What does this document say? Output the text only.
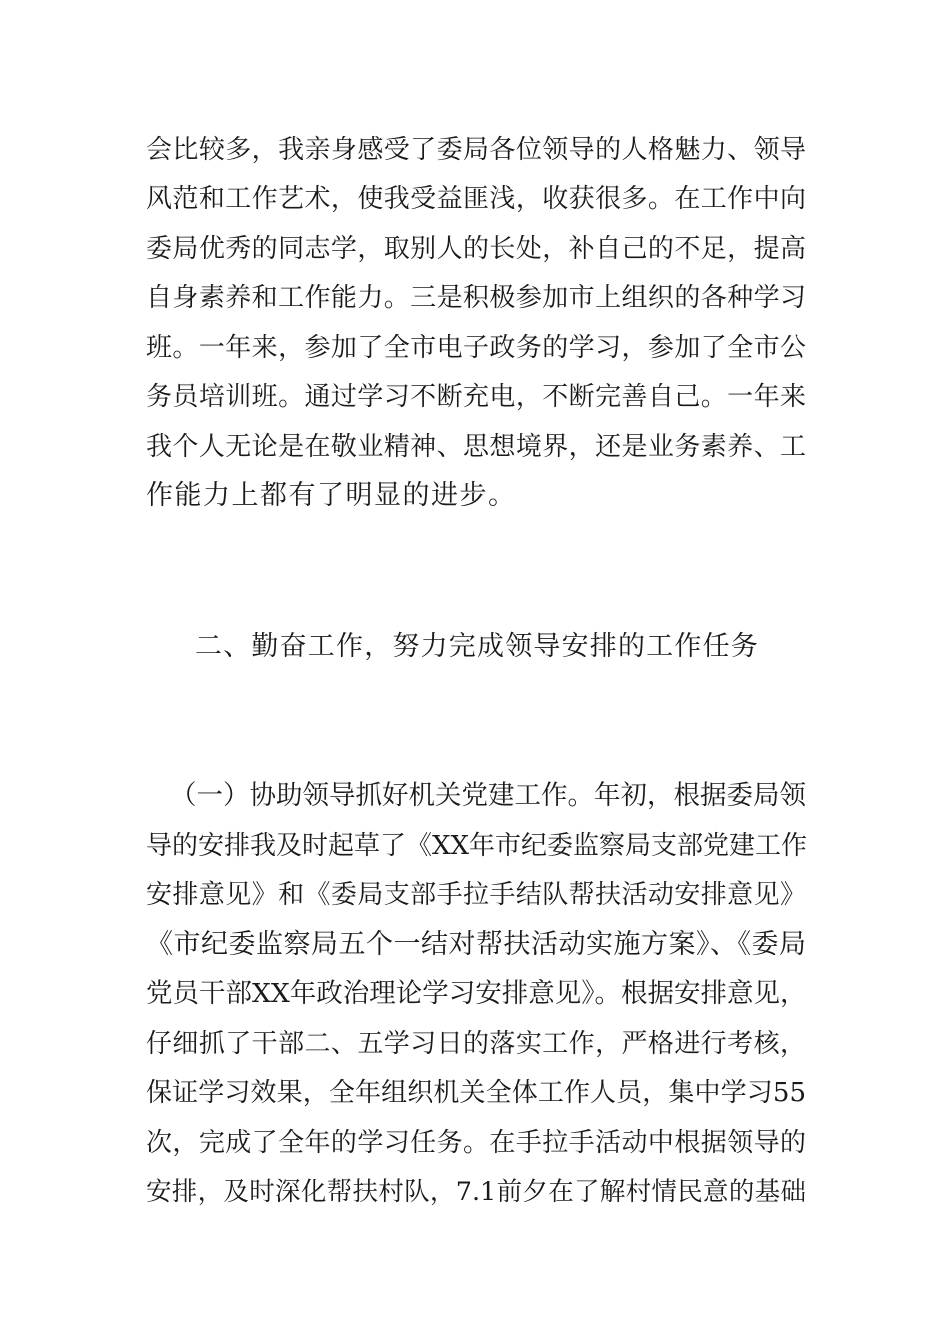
会比较多，我亲身感受了委局各位领导的人格魅力、领导
风范和工作艺术，使我受益匪浅，收获很多。在工作中向
委局优秀的同志学，取别人的长处，补自己的不足，提高
自身素养和工作能力。三是积极参加市上组织的各种学习
班。一年来，参加了全市电子政务的学习，参加了全市公
务员培训班。通过学习不断充电，不断完善自己。一年来
我个人无论是在敬业精神、思想境界，还是业务素养、工
作能力上都有了明显的进步。
二、勤奋工作，努力完成领导安排的工作任务
（一）协助领导抓好机关党建工作。年初，根据委局领
导的安排我及时起草了《XX年市纪委监察局支部党建工作
安排意见》和《委局支部手拉手结队帮扶活动安排意见》
《市纪委监察局五个一结对帮扶活动实施方案》、《委局
党员干部XX年政治理论学习安排意见》。根据安排意见，
仔细抓了干部二、五学习日的落实工作，严格进行考核，
保证学习效果，全年组织机关全体工作人员，集中学习55
次，完成了全年的学习任务。在手拉手活动中根据领导的
安排，及时深化帮扶村队，7.1前夕在了解村情民意的基础
